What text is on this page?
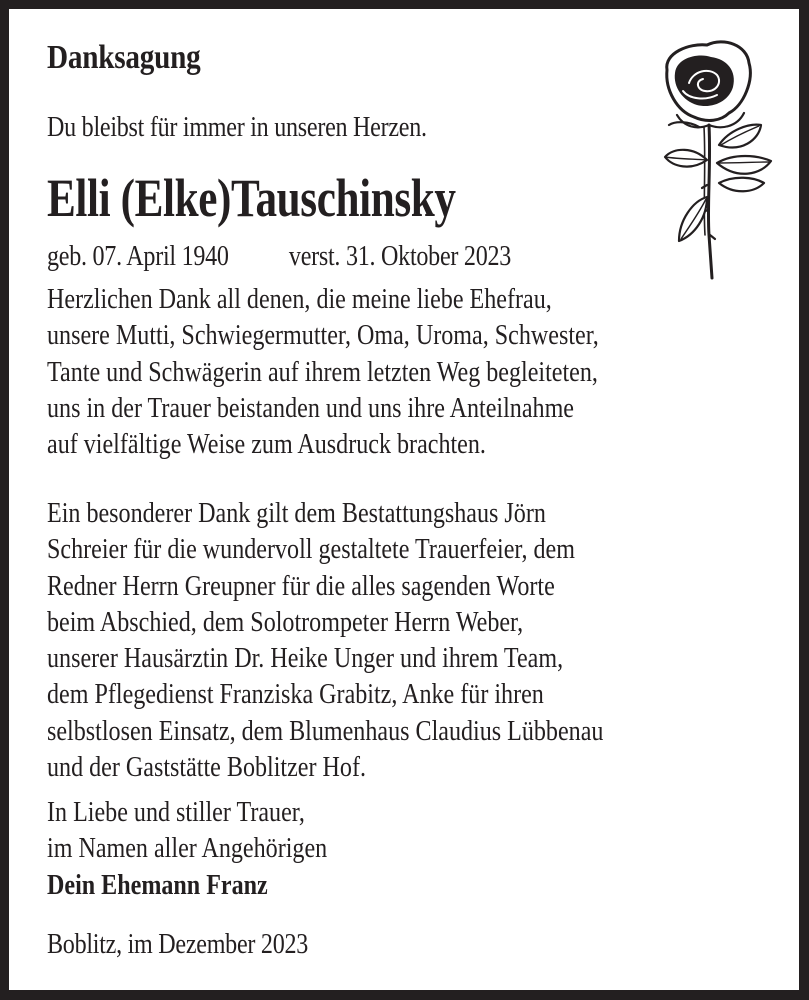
Danksagung
Du bleibst für immer in unseren Herzen.
Elli (Elke)Tauschinsky
geb. 07. April 1940 verst. 31. Oktober 2023
Herzlichen Dank all denen, die meine liebe Ehefrau,
unsere Mutti, Schwiegermutter, Oma, Uroma, Schwester,
Tante und Schwägerin auf ihrem letzten Weg begleiteten,
uns in der Trauer beistanden und uns ihre Anteilnahme
auf vielfältige Weise zum Ausdruck brachten.
Ein besonderer Dank gilt dem Bestattungshaus Jörn
Schreier für die wundervoll gestaltete Trauerfeier, dem
Redner Herrn Greupner für die alles sagenden Worte
beim Abschied, dem Solotrompeter Herrn Weber,
unserer Hausärztin Dr. Heike Unger und ihrem Team,
dem Pflegedienst Franziska Grabitz, Anke für ihren
selbstlosen Einsatz, dem Blumenhaus Claudius Lübbenau
und der Gaststätte Boblitzer Hof.
In Liebe und stiller Trauer,
im Namen aller Angehörigen
Dein Ehemann Franz
Boblitz, im Dezember 2023
